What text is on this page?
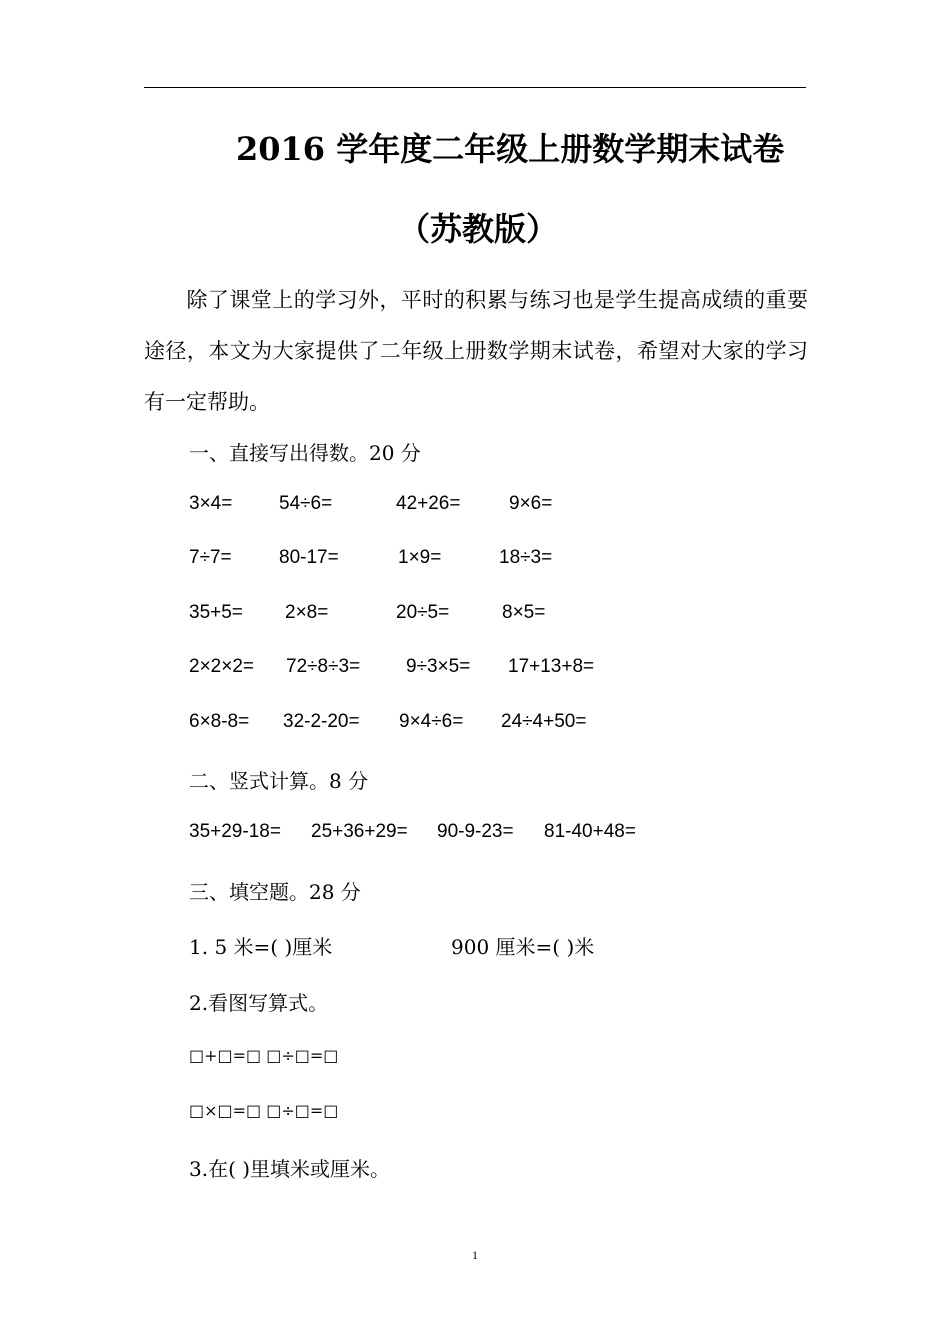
2016 学年度二年级上册数学期末试卷
（苏教版）
除了课堂上的学习外，平时的积累与练习也是学生提高成绩的重要途径，本文为大家提供了二年级上册数学期末试卷，希望对大家的学习有一定帮助。
一、直接写出得数。20 分
3×4= 54÷6=	42+26=	9×6=
7÷7= 80-17=	1×9=	18÷3=
35+5= 2×8=	20÷5=	8×5=
2×2×2= 72÷8÷3= 9÷3×5= 17+13+8=
6×8-8= 32-2-20= 9×4÷6= 24÷4+50=
二、竖式计算。8 分
35+29-18= 25+36+29= 90-9-23= 81-40+48=
三、填空题。28 分
1. 5 米=( )厘米	900 厘米=( )米
2.看图写算式。
□+□=□ □÷□=□
□×□=□ □÷□=□
3.在( )里填米或厘米。
1
